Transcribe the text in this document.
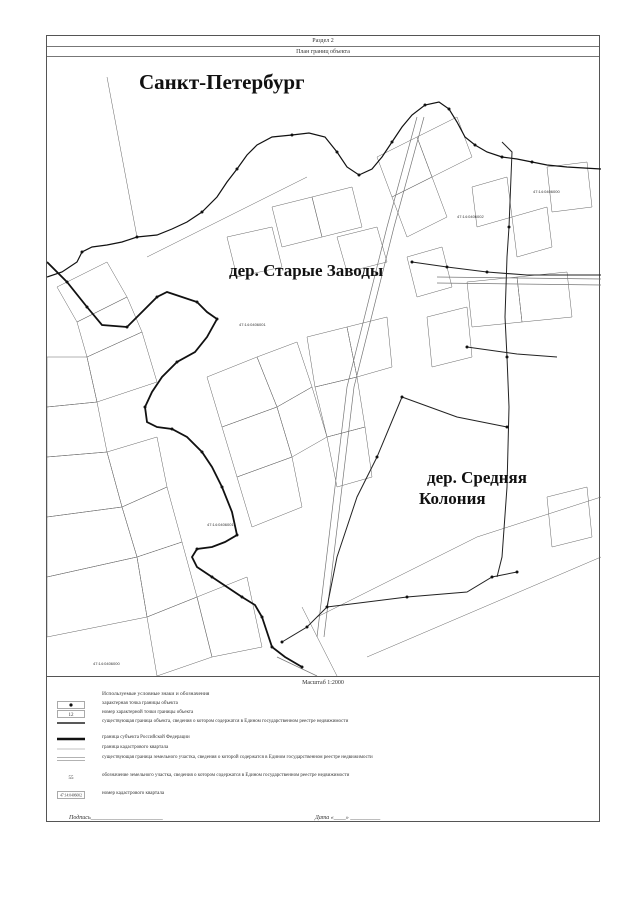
Раздел 2
План границ объекта
Санкт-Петербург
дер. Старые Заводы
дер. Средняя
Колония
47:14:0406001
47:14:0406001
47:14:0406002
47:14:0406000
47:14:0406000
Масштаб 1:2000
Используемые условные знаки и обозначения
характерная точка границы объекта
12
номер характерной точки границы объекта
существующая граница объекта, сведения о котором содержатся в Едином государственном реестре недвижимости
граница субъекта Российской Федерации
граница кадастрового квартала
существующая граница земельного участка, сведения о которой содержатся в Едином государственном реестре недвижимости
55
обозначение земельного участка, сведения о котором содержатся в Едином государственном реестре недвижимости
47:14:0406002	номер кадастрового квартала
Подпись________________________	Дата «____» __________
